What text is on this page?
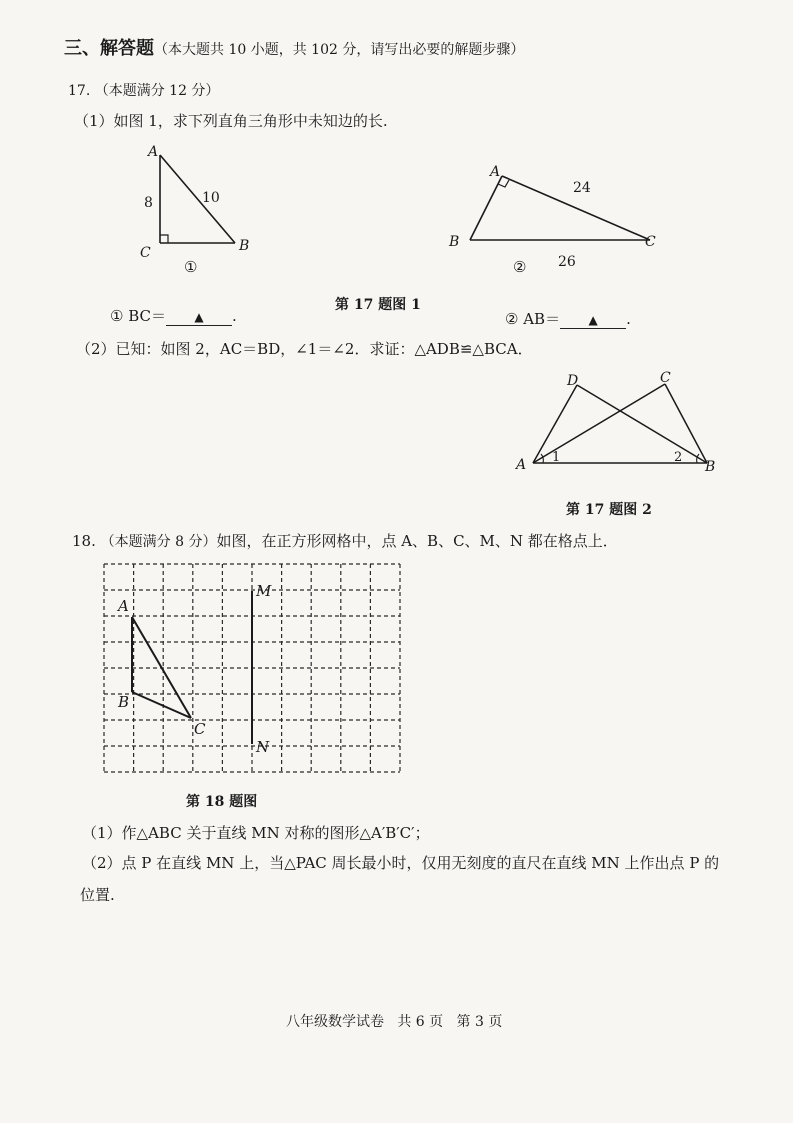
三、解答题（本大题共 10 小题，共 102 分，请写出必要的解题步骤）
17. （本题满分 12 分）
（1）如图 1，求下列直角三角形中未知边的长.
A
C	B
8	10
①
A
B	C
24
26
②
第 17 题图 1
① BC＝ ▲ .	② AB＝ ▲ .
（2）已知：如图 2，AC＝BD，∠1＝∠2．求证：△ADB≌△BCA．
D	C
A	B
1	2
第 17 题图 2
18. （本题满分 8 分）如图，在正方形网格中，点 A、B、C、M、N 都在格点上．
A
B
C
M
N
第 18 题图
（1）作△ABC 关于直线 MN 对称的图形△A′B′C′；
（2）点 P 在直线 MN 上，当△PAC 周长最小时，仅用无刻度的直尺在直线 MN 上作出点 P 的
位置.
八年级数学试卷 共 6 页 第 3 页
